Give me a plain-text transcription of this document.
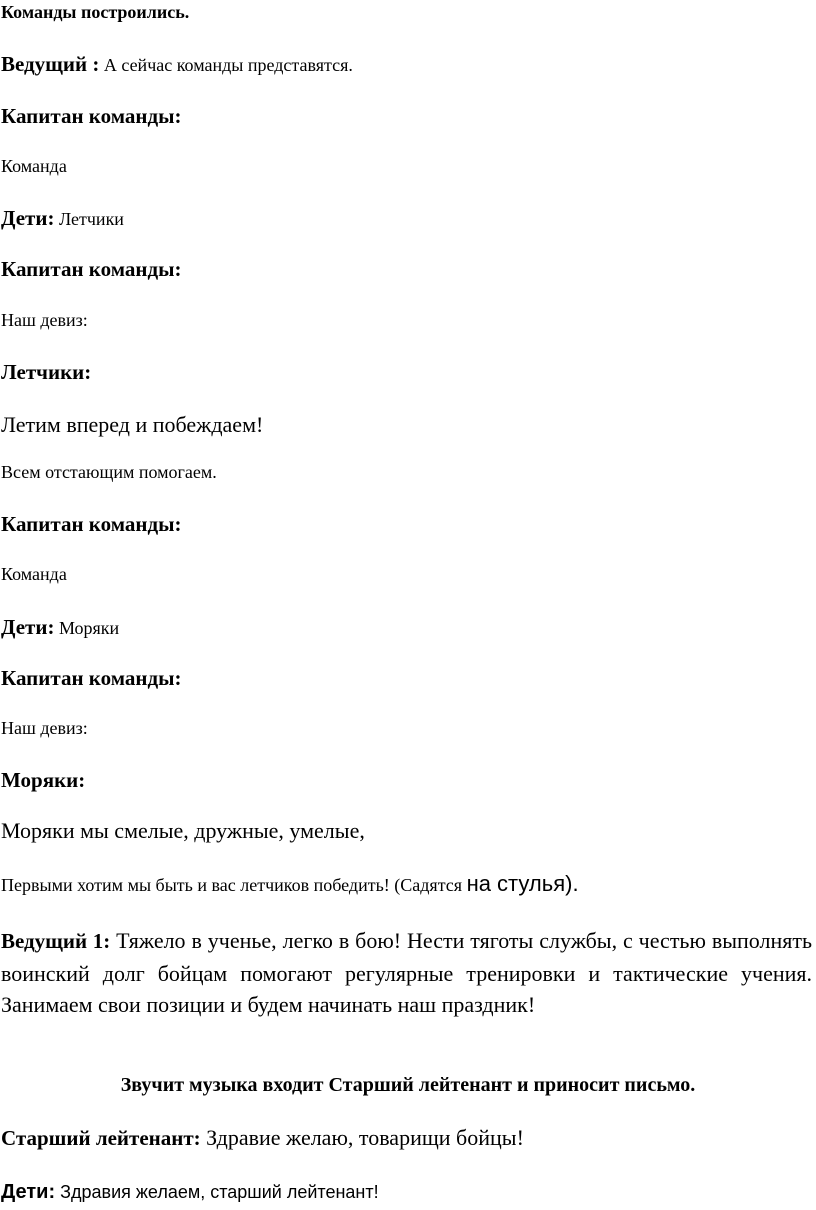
Команды построились.
Ведущий : А сейчас команды представятся.
Капитан команды:
Команда
Дети: Летчики
Капитан команды:
Наш девиз:
Летчики:
Летим вперед и побеждаем!
Всем отстающим помогаем.
Капитан команды:
Команда
Дети: Моряки
Капитан команды:
Наш девиз:
Моряки:
Моряки мы смелые, дружные, умелые,
Первыми хотим мы быть и вас летчиков победить! (Садятся на стулья).
Ведущий 1: Тяжело в ученье, легко в бою! Нести тяготы службы, с честью выполнять воинский долг бойцам помогают регулярные тренировки и тактические учения. Занимаем свои позиции и будем начинать наш праздник!
Звучит музыка входит Старший лейтенант и приносит письмо.
Старший лейтенант: Здравие желаю, товарищи бойцы!
Дети: Здравия желаем, старший лейтенант!
